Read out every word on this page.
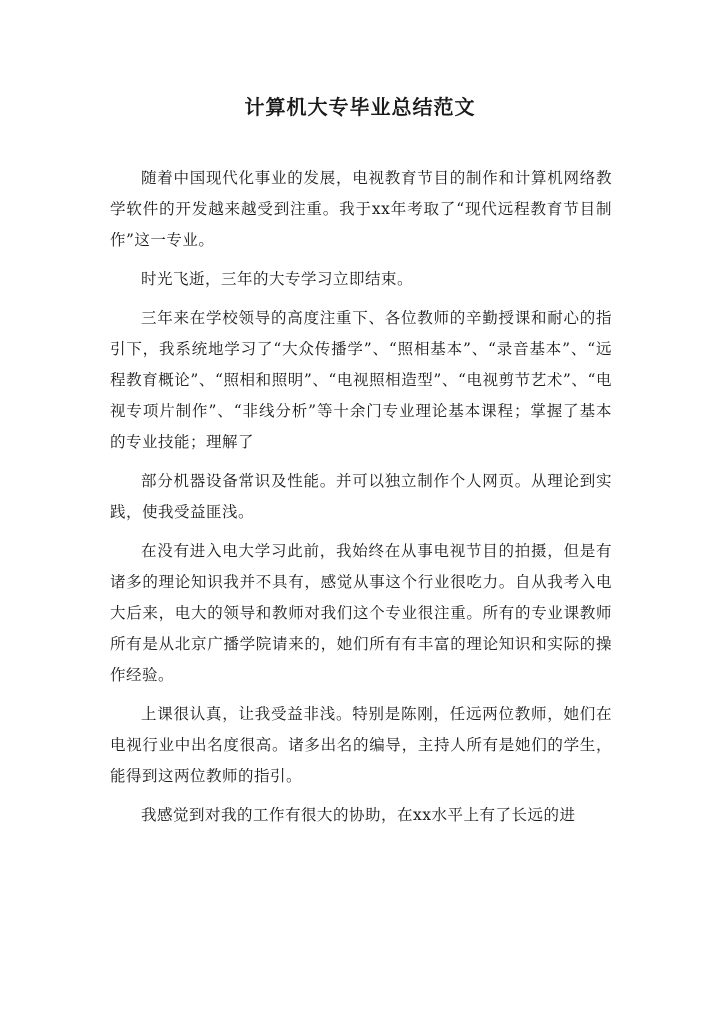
计算机大专毕业总结范文

随着中国现代化事业的发展，电视教育节目的制作和计算机网络教学软件的开发越来越受到注重。我于xx年考取了“现代远程教育节目制作”这一专业。

时光飞逝，三年的大专学习立即结束。

三年来在学校领导的高度注重下、各位教师的辛勤授课和耐心的指引下，我系统地学习了“大众传播学”、“照相基本”、“录音基本”、“远程教育概论”、“照相和照明”、“电视照相造型”、“电视剪节艺术”、“电视专项片制作”、“非线分析”等十余门专业理论基本课程；掌握了基本的专业技能；理解了

部分机器设备常识及性能。并可以独立制作个人网页。从理论到实践，使我受益匪浅。

在没有进入电大学习此前，我始终在从事电视节目的拍摄，但是有诸多的理论知识我并不具有，感觉从事这个行业很吃力。自从我考入电大后来，电大的领导和教师对我们这个专业很注重。所有的专业课教师所有是从北京广播学院请来的，她们所有有丰富的理论知识和实际的操作经验。

上课很认真，让我受益非浅。特别是陈刚，任远两位教师，她们在电视行业中出名度很高。诸多出名的编导，主持人所有是她们的学生，能得到这两位教师的指引。

我感觉到对我的工作有很大的协助，在xx水平上有了长远的进
